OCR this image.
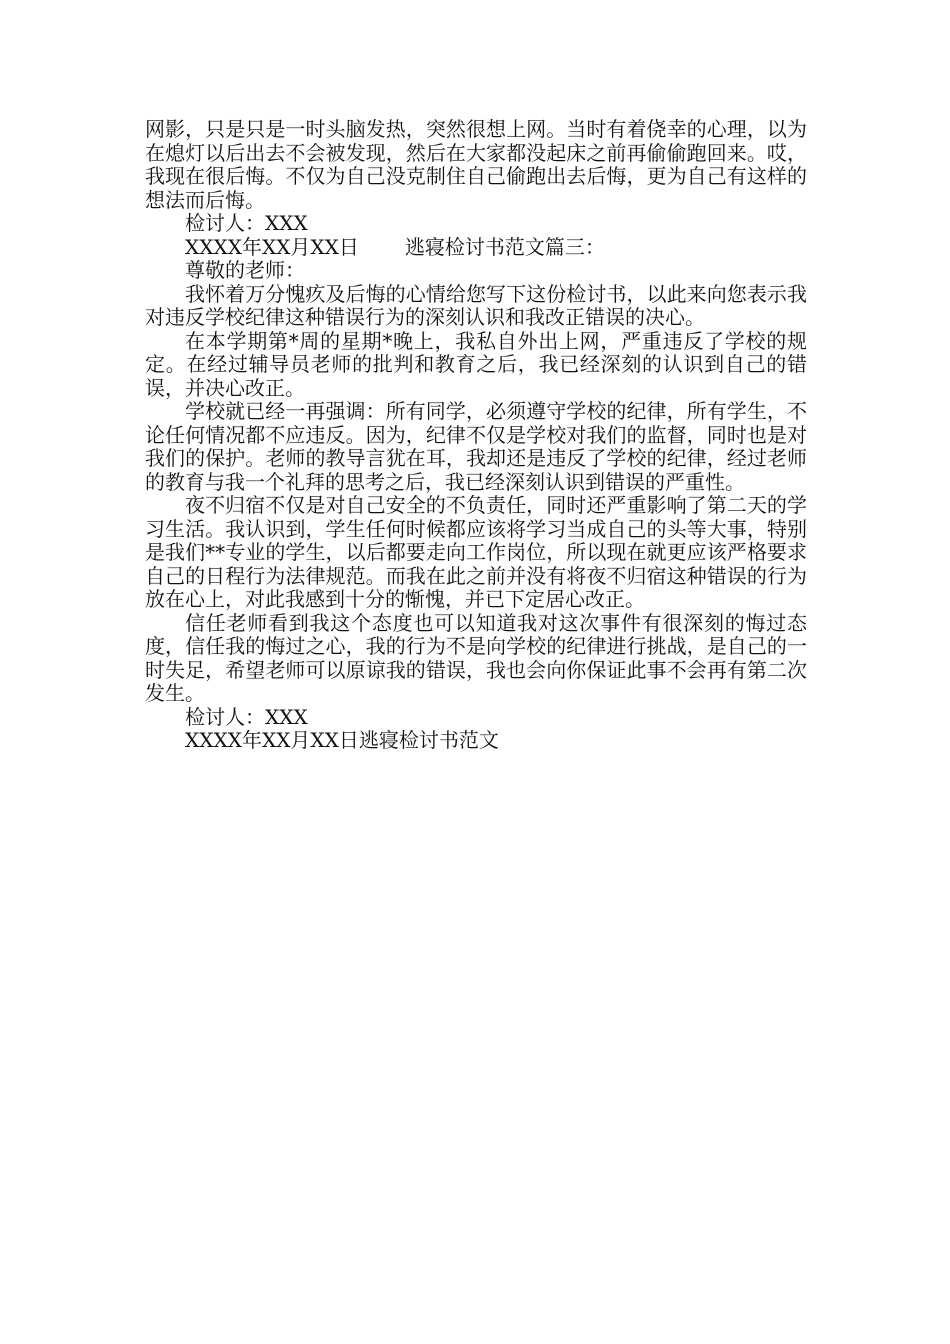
网影，只是只是一时头脑发热，突然很想上网。当时有着侥幸的心理，以为在熄灯以后出去不会被发现，然后在大家都没起床之前再偷偷跑回来。哎，我现在很后悔。不仅为自己没克制住自己偷跑出去后悔，更为自己有这样的想法而后悔。

检讨人：XXX

XXXX年XX月XX日 逃寝检讨书范文篇三：

尊敬的老师：

我怀着万分愧疚及后悔的心情给您写下这份检讨书，以此来向您表示我对违反学校纪律这种错误行为的深刻认识和我改正错误的决心。

在本学期第*周的星期*晚上，我私自外出上网，严重违反了学校的规定。在经过辅导员老师的批判和教育之后，我已经深刻的认识到自己的错误，并决心改正。

学校就已经一再强调：所有同学，必须遵守学校的纪律，所有学生，不论任何情况都不应违反。因为，纪律不仅是学校对我们的监督，同时也是对我们的保护。老师的教导言犹在耳，我却还是违反了学校的纪律，经过老师的教育与我一个礼拜的思考之后，我已经深刻认识到错误的严重性。

夜不归宿不仅是对自己安全的不负责任，同时还严重影响了第二天的学习生活。我认识到，学生任何时候都应该将学习当成自己的头等大事，特别是我们**专业的学生，以后都要走向工作岗位，所以现在就更应该严格要求自己的日程行为法律规范。而我在此之前并没有将夜不归宿这种错误的行为放在心上，对此我感到十分的惭愧，并已下定居心改正。

信任老师看到我这个态度也可以知道我对这次事件有很深刻的悔过态度，信任我的悔过之心，我的行为不是向学校的纪律进行挑战，是自己的一时失足，希望老师可以原谅我的错误，我也会向你保证此事不会再有第二次发生。

检讨人：XXX

XXXX年XX月XX日逃寝检讨书范文
